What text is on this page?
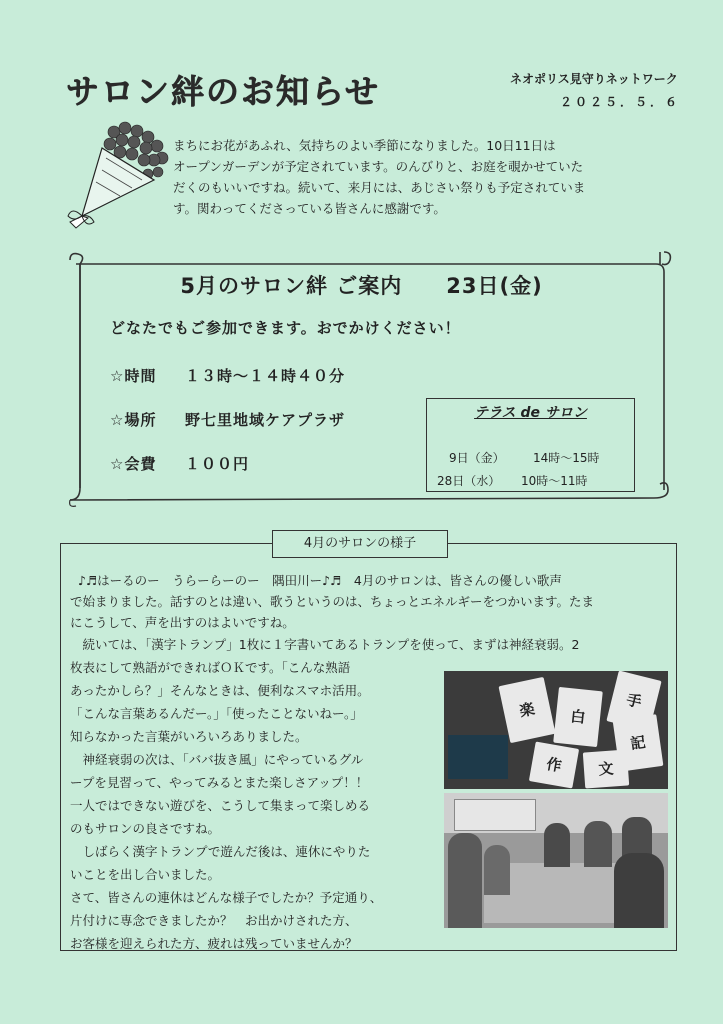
サロン絆のお知らせ	ネオポリス見守りネットワーク
２０２５．５．６
まちにお花があふれ、気持ちのよい季節になりました。10日11日は
オープンガーデンが予定されています。のんびりと、お庭を覗かせていた
だくのもいいですね。続いて、来月には、あじさい祭りも予定されていま
す。関わってくださっている皆さんに感謝です。
5月のサロン絆 ご案内　　23日(金)
どなたでもご参加できます。おでかけください！
☆時間 １３時～１４時４０分
☆場所 野七里地域ケアプラザ
☆会費 １００円
テラス de サロン
9日（金） 14時～15時
28日（水） 10時～11時
4月のサロンの様子
♪♬はーるのー　うらーらーのー　隅田川ー♪♬　4月のサロンは、皆さんの優しい歌声
で始まりました。話すのとは違い、歌うというのは、ちょっとエネルギーをつかいます。たま
にこうして、声を出すのはよいですね。
　続いては、「漢字トランプ」1枚に１字書いてあるトランプを使って、まずは神経衰弱。2
枚表にして熟語ができればＯＫです。「こんな熟語
あったかしら？」そんなときは、便利なスマホ活用。
「こんな言葉あるんだー。」「使ったことないねー。」
知らなかった言葉がいろいろありました。
　神経衰弱の次は、「ババ抜き風」にやっているグル
ープを見習って、やってみるとまた楽しさアップ！！
一人ではできない遊びを、こうして集まって楽しめる
のもサロンの良さですね。
　しばらく漢字トランプで遊んだ後は、連休にやりた
いことを出し合いました。
さて、皆さんの連休はどんな様子でしたか？予定通り、
片付けに専念できましたか？　お出かけされた方、
お客様を迎えられた方、疲れは残っていませんか？
楽	白
手
記
作	文
